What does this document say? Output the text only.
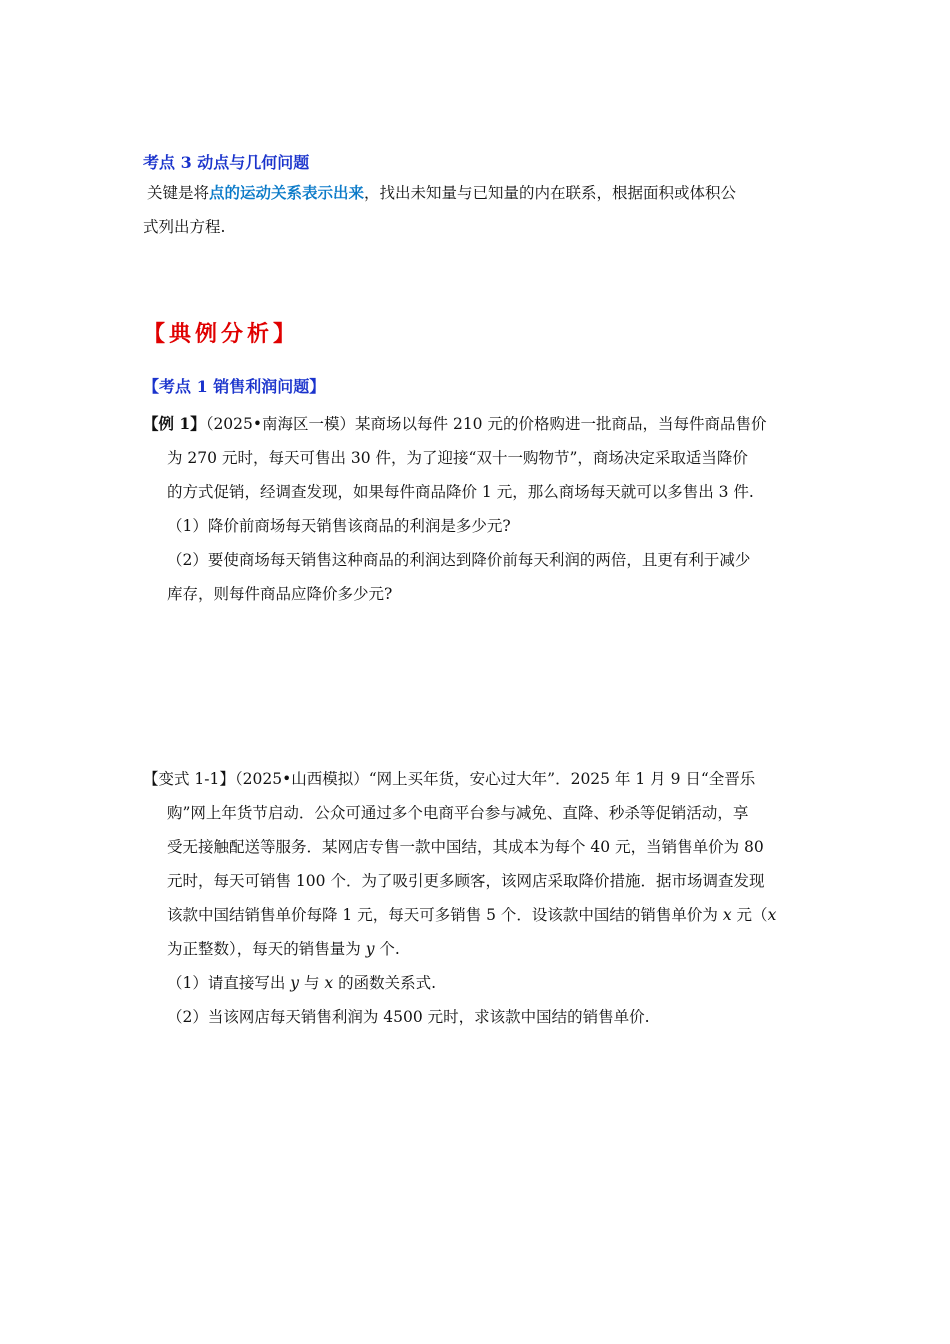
考点 3 动点与几何问题
关键是将点的运动关系表示出来，找出未知量与已知量的内在联系，根据面积或体积公
式列出方程.
【典例分析】
【考点 1 销售利润问题】
【例 1】（2025•南海区一模）某商场以每件 210 元的价格购进一批商品，当每件商品售价
为 270 元时，每天可售出 30 件，为了迎接“双十一购物节”，商场决定采取适当降价
的方式促销，经调查发现，如果每件商品降价 1 元，那么商场每天就可以多售出 3 件.
（1）降价前商场每天销售该商品的利润是多少元?
（2）要使商场每天销售这种商品的利润达到降价前每天利润的两倍，且更有利于减少
库存，则每件商品应降价多少元?
【变式 1-1】（2025•山西模拟）“网上买年货，安心过大年”．2025 年 1 月 9 日“全晋乐
购”网上年货节启动．公众可通过多个电商平台参与减免、直降、秒杀等促销活动，享
受无接触配送等服务．某网店专售一款中国结，其成本为每个 40 元，当销售单价为 80
元时，每天可销售 100 个．为了吸引更多顾客，该网店采取降价措施．据市场调查发现
该款中国结销售单价每降 1 元，每天可多销售 5 个．设该款中国结的销售单价为 x 元（x
为正整数），每天的销售量为 y 个.
（1）请直接写出 y 与 x 的函数关系式.
（2）当该网店每天销售利润为 4500 元时，求该款中国结的销售单价.
